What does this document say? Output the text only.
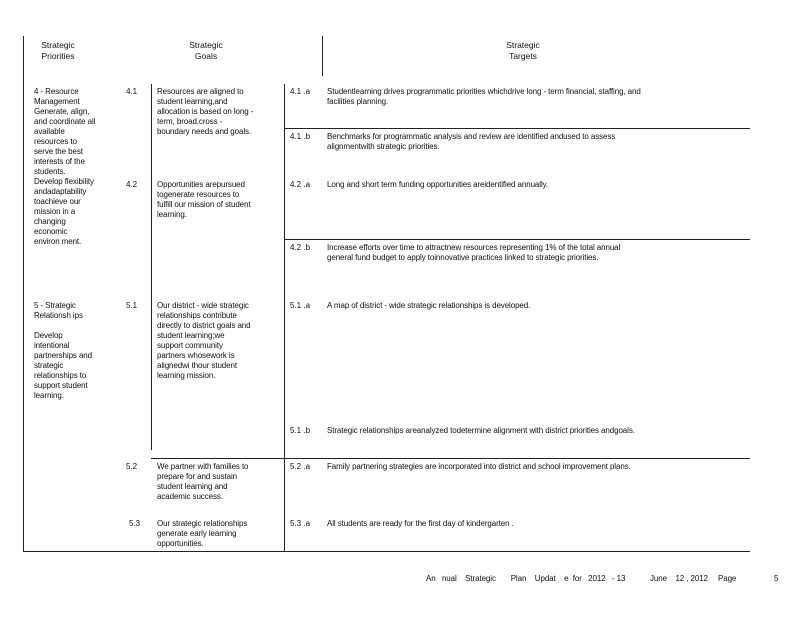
Strategic
Priorities
Strategic
Goals
Strategic
Targets
4 - Resource
Management
Generate, align,
and coordinate all
available
resources to
serve the best
interests of the
students.
Develop flexibility
andadaptability
toachieve our
mission in a
changing
economic
environ ment.
5 - Strategic
Relationsh ips
Develop
intentional
partnerships and
strategic
relationships to
support student
learning.
4.1 Resources are aligned to
student learning,and
allocation is based on long -
term, broad,cross -
boundary needs and goals.
4.2 Opportunities arepursued
togenerate resources to
fulfill our mission of student
learning.
5.1 Our district - wide strategic
relationships contribute
directly to district goals and
student learning;we
support community
partners whosework is
alignedwi thour student
learning mission.
5.2 We partner with families to
prepare for and sustain
student learning and
academic success.
5.3 Our strategic relationships
generate early learning
opportunities.
4.1 .a Studentlearning drives programmatic priorities whichdrive long - term financial, staffing, and
facilities planning.
4.1 .b Benchmarks for programmatic analysis and review are identified andused to assess
alignmentwith strategic priorities.
4.2 .a Long and short term funding opportunities areidentified annually.
4.2 .b Increase efforts over time to attractnew resources representing 1% of the total annual
general fund budget to apply toinnovative practices linked to strategic priorities.
5.1 .a A map of district - wide strategic relationships is developed.
5.1 .b Strategic relationships areanalyzed todetermine alignment with district priorities andgoals.
5.2 .a Family partnering strategies are incorporated into district and school improvement plans.
5.3 .a All students are ready for the first day of kindergarten .
An   nual    Strategic       Plan    Updat    e  for   2012   - 13	June    12 , 2012 Page	5
